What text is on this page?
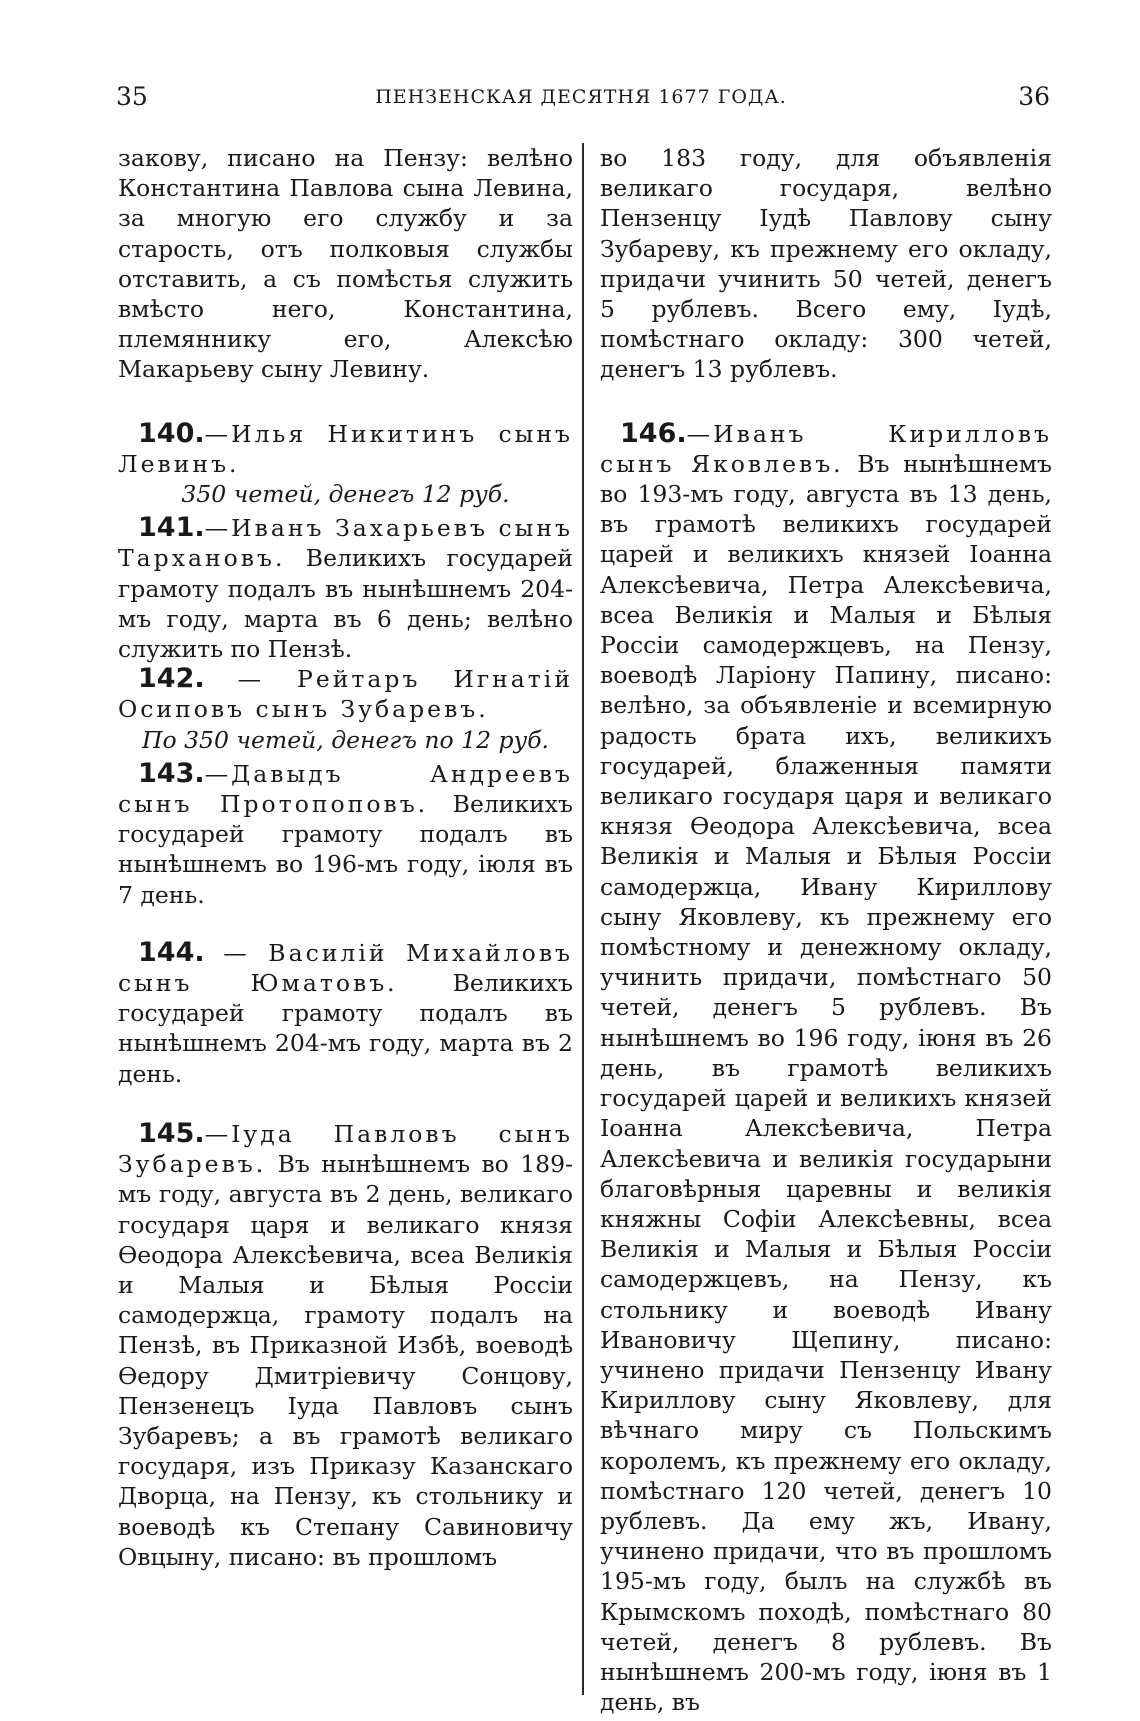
35	ПЕНЗЕНСКАЯ ДЕСЯТНЯ 1677 ГОДА.	36

закову, писано на Пензу: велѣно Константина Павлова сына Левина, за многую его службу и за старость, отъ полковыя службы отставить, а съ помѣстья служить вмѣсто него, Константина, племяннику его, Алексѣю Макарьеву сыну Левину.

140.—Илья Никитинъ сынъ Левинъ.

350 четей, денегъ 12 руб.

141.—Иванъ Захарьевъ сынъ Тархановъ. Великихъ государей грамоту подалъ въ нынѣшнемъ 204-мъ году, марта въ 6 день; велѣно служить по Пензѣ.

142. — Рейтаръ Игнатій Осиповъ сынъ Зубаревъ.

По 350 четей, денегъ по 12 руб.

143.—Давыдъ Андреевъ сынъ Протопоповъ. Великихъ государей грамоту подалъ въ нынѣшнемъ во 196-мъ году, іюля въ 7 день.

144. — Василій Михайловъ сынъ Юматовъ. Великихъ государей грамоту подалъ въ нынѣшнемъ 204-мъ году, марта въ 2 день.

145.—Іуда Павловъ сынъ Зубаревъ. Въ нынѣшнемъ во 189-мъ году, августа въ 2 день, великаго государя царя и великаго князя Ѳеодора Алексѣевича, всеа Великія и Малыя и Бѣлыя Россіи самодержца, грамоту подалъ на Пензѣ, въ Приказной Избѣ, воеводѣ Ѳедору Дмитріевичу Сонцову, Пензенецъ Іуда Павловъ сынъ Зубаревъ; а въ грамотѣ великаго государя, изъ Приказу Казанскаго Дворца, на Пензу, къ стольнику и воеводѣ къ Степану Савиновичу Овцыну, писано: въ прошломъ

во 183 году, для объявленія великаго государя, велѣно Пензенцу Іудѣ Павлову сыну Зубареву, къ прежнему его окладу, придачи учинить 50 четей, денегъ 5 рублевъ. Всего ему, Іудѣ, помѣстнаго окладу: 300 четей, денегъ 13 рублевъ.

146.—Иванъ Кирилловъ сынъ Яковлевъ. Въ нынѣшнемъ во 193-мъ году, августа въ 13 день, въ грамотѣ великихъ государей царей и великихъ князей Іоанна Алексѣевича, Петра Алексѣевича, всеа Великія и Малыя и Бѣлыя Россіи самодержцевъ, на Пензу, воеводѣ Ларіону Папину, писано: велѣно, за объявленіе и всемирную радость брата ихъ, великихъ государей, блаженныя памяти великаго государя царя и великаго князя Ѳеодора Алексѣевича, всеа Великія и Малыя и Бѣлыя Россіи самодержца, Ивану Кириллову сыну Яковлеву, къ прежнему его помѣстному и денежному окладу, учинить придачи, помѣстнаго 50 четей, денегъ 5 рублевъ. Въ нынѣшнемъ во 196 году, іюня въ 26 день, въ грамотѣ великихъ государей царей и великихъ князей Іоанна Алексѣевича, Петра Алексѣевича и великія государыни благовѣрныя царевны и великія княжны Софіи Алексѣевны, всеа Великія и Малыя и Бѣлыя Россіи самодержцевъ, на Пензу, къ стольнику и воеводѣ Ивану Ивановичу Щепину, писано: учинено придачи Пензенцу Ивану Кириллову сыну Яковлеву, для вѣчнаго миру съ Польскимъ королемъ, къ прежнему его окладу, помѣстнаго 120 четей, денегъ 10 рублевъ. Да ему жъ, Ивану, учинено придачи, что въ прошломъ 195-мъ году, былъ на службѣ въ Крымскомъ походѣ, помѣстнаго 80 четей, денегъ 8 рублевъ. Въ нынѣшнемъ 200-мъ году, іюня въ 1 день, въ
